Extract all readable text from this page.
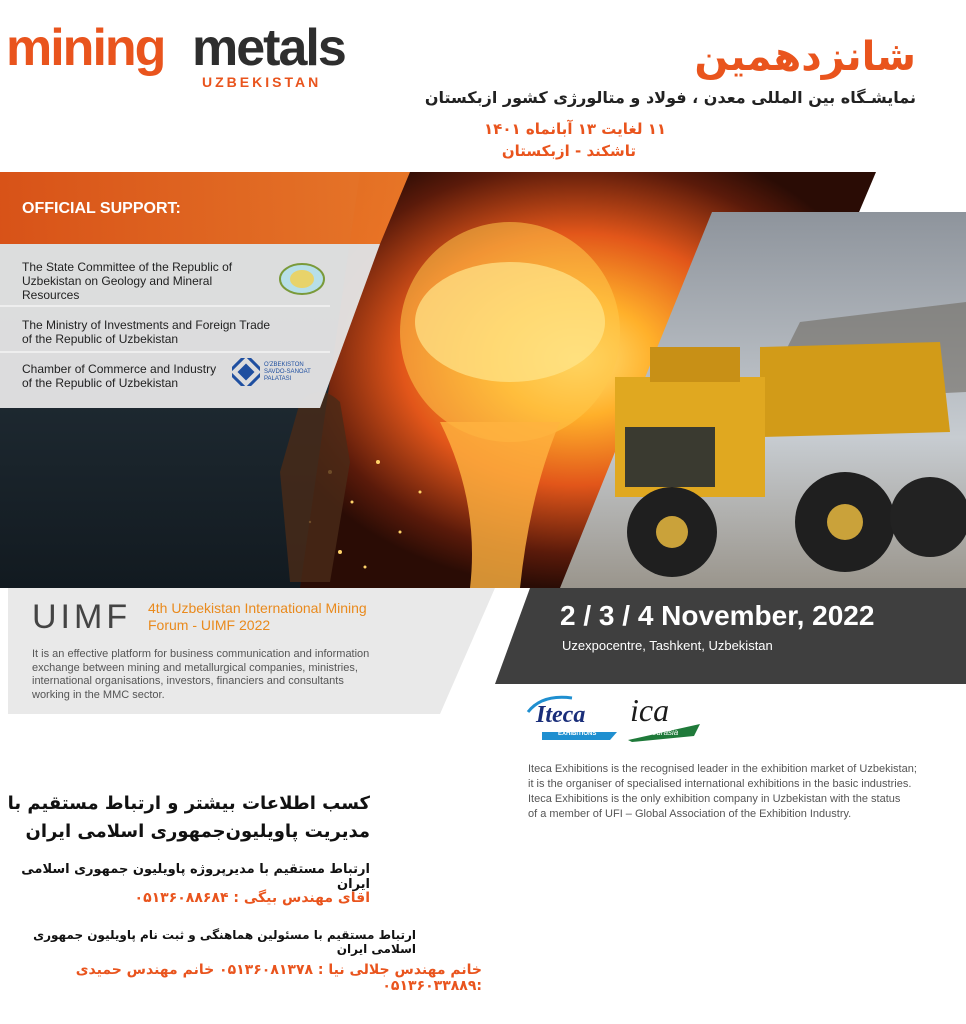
mining metals
UZBEKISTAN
شانزدهمین
نمایشـگاه بین المللی معدن ، فولاد و متالورژی کشور ازبکستان
۱۱ لغایت ۱۳ آبانماه ۱۴۰۱
تاشکند - ازبکستان
OFFICIAL SUPPORT:
The State Committee of the Republic of
Uzbekistan on Geology and Mineral
Resources
The Ministry of Investments and Foreign Trade
of the Republic of Uzbekistan
Chamber of Commerce and Industry
of the Republic of Uzbekistan
O'ZBEKISTON SAVDO-SANOAT PALATASI
UIMF 4th Uzbekistan International Mining
Forum - UIMF 2022
It is an effective platform for business communication and information
exchange between mining and metallurgical companies, ministries,
international organisations, investors, financiers and consultants
working in the MMC sector.
2 / 3 / 4 November, 2022
Uzexpocentre, Tashkent, Uzbekistan
Iteca
EXHIBITIONS
ica
eurasia
Iteca Exhibitions is the recognised leader in the exhibition market of Uzbekistan;
it is the organiser of specialised international exhibitions in the basic industries.
Iteca Exhibitions is the only exhibition company in Uzbekistan with the status
of a member of UFI – Global Association of the Exhibition Industry.
کسب اطلاعات بیشتر و ارتباط مستقیم با
مدیریت پاویلیون‌جمهوری اسلامی ایران
ارتباط مستقیم با مدیرپروژه پاویلیون جمهوری اسلامی ایران
اقای مهندس بیگی : ۰۵۱۳۶۰۸۸۶۸۴
ارتباط مستقیم با مسئولین هماهنگی و ثبت نام پاویلیون جمهوری اسلامی ایران
خانم مهندس جلالی نیا : ۰۵۱۳۶۰۸۱۳۷۸ خانم مهندس حمیدی :۰۵۱۳۶۰۳۳۸۸۹
